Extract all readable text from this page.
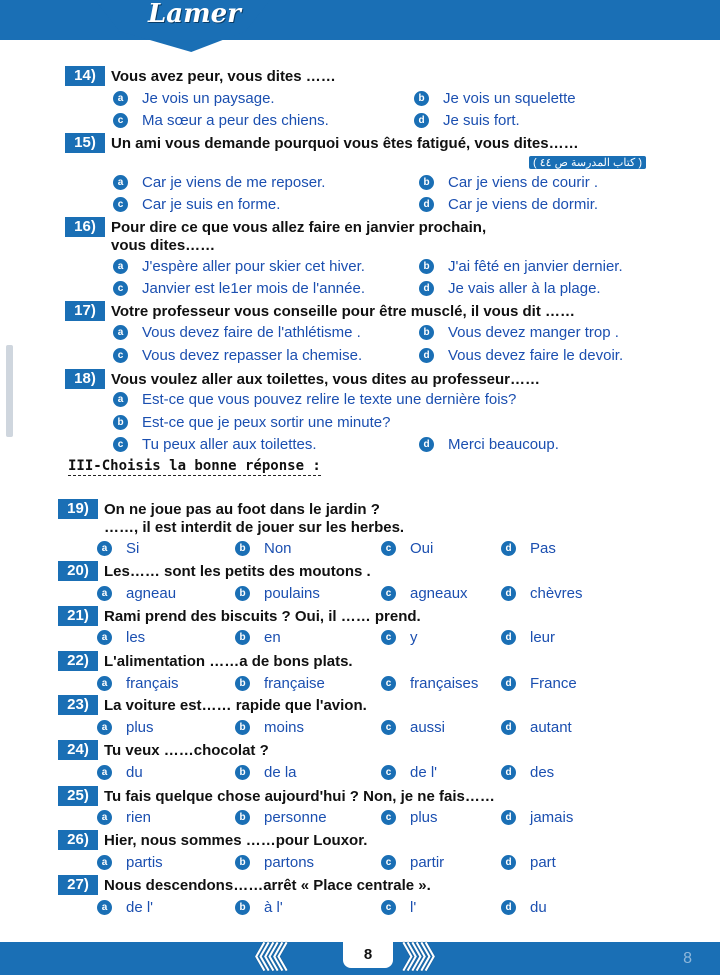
Lamer
14)	Vous avez peur, vous dites ……
a	Je vois un paysage.	b Je vois un squelette
c	Ma sœur a peur des chiens.	d Je suis fort.
15)	Un ami vous demande pourquoi vous êtes fatigué, vous dites……
( كتاب المدرسة ص ٤٤ )
a	Car je viens de me reposer.	b Car je viens de courir .
c	Car je suis en forme.	d Car je viens de dormir.
16)	Pour dire ce que vous allez faire en janvier prochain,
vous dites……
a	J'espère aller pour skier cet hiver.	b J'ai fêté en janvier dernier.
c	Janvier est le1er mois de l'année.	d Je vais aller à la plage.
17)	Votre professeur vous conseille pour être musclé, il vous dit ……
a	Vous devez faire de l'athlétisme .	b Vous devez manger trop .
c	Vous devez repasser la chemise.	d Vous devez faire le devoir.
18)	Vous voulez aller aux toilettes, vous dites au professeur……
a	Est-ce que vous pouvez relire le texte une dernière fois?
b Est-ce que je peux sortir une minute?
c	Tu peux aller aux toilettes.	d Merci beaucoup.
III-Choisis la bonne réponse :
19)	On ne joue pas au foot dans le jardin ?
……, il est interdit de jouer sur les herbes.
a	Si	b Non	c	Oui	d Pas
20)	Les…… sont les petits des moutons .
a	agneau	b poulains	c	agneaux	d chèvres
21)	Rami prend des biscuits ? Oui, il …… prend.
a	les	b en	c	y	d leur
22)	L'alimentation ……a de bons plats.
a	français	b française	c	françaises	d France
23)	La voiture est…… rapide que l'avion.
a	plus	b moins	c	aussi	d autant
24)	Tu veux ……chocolat ?
a	du	b de la	c	de l'	d des
25)	Tu fais quelque chose aujourd'hui ? Non, je ne fais……
a	rien	b personne	c	plus	d jamais
26)	Hier, nous sommes ……pour Louxor.
a	partis	b partons	c	partir	d part
27)	Nous descendons……arrêt « Place centrale ».
a	de l'	b à l'	c	l'	d du
《《《	8 》》》	8
